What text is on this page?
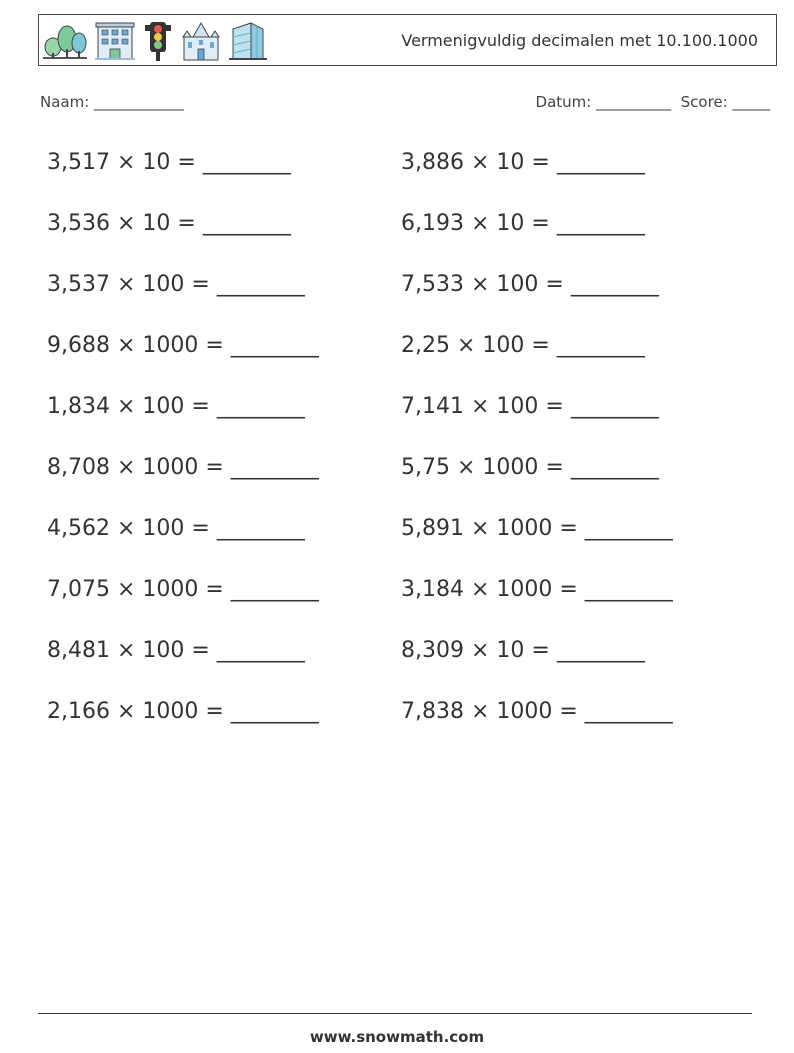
Vermenigvuldig decimalen met 10.100.1000
Naam: ____________	Datum: __________ Score: _____
3,517 × 10 = ________	3,886 × 10 = ________
3,536 × 10 = ________	6,193 × 10 = ________
3,537 × 100 = ________	7,533 × 100 = ________
9,688 × 1000 = ________	2,25 × 100 = ________
1,834 × 100 = ________	7,141 × 100 = ________
8,708 × 1000 = ________	5,75 × 1000 = ________
4,562 × 100 = ________	5,891 × 1000 = ________
7,075 × 1000 = ________	3,184 × 1000 = ________
8,481 × 100 = ________	8,309 × 10 = ________
2,166 × 1000 = ________	7,838 × 1000 = ________
www.snowmath.com
